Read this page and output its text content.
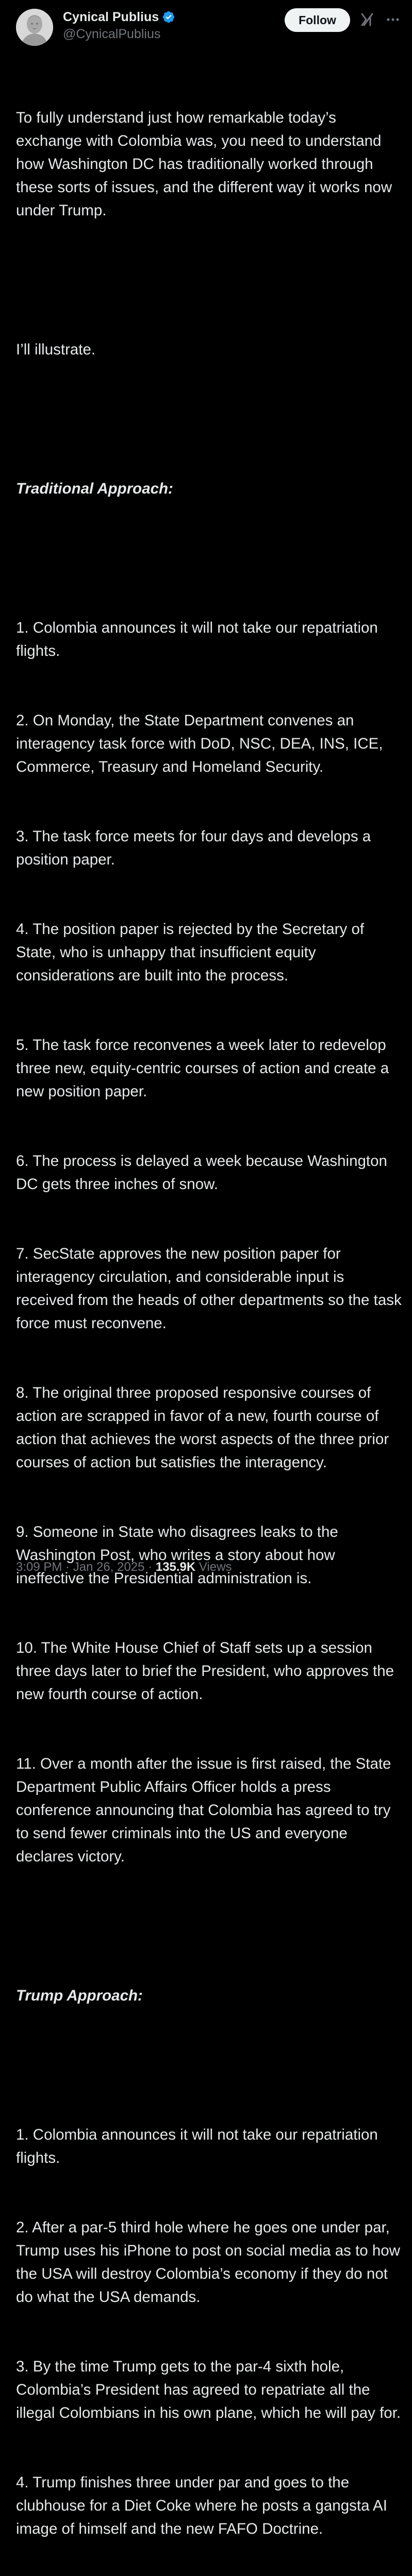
Cynical Publius
@CynicalPublius
Follow

To fully understand just how remarkable today’s exchange with Colombia was, you need to understand how Washington DC has traditionally worked through these sorts of issues, and the different way it works now under Trump.

I’ll illustrate.

Traditional Approach:

1. Colombia announces it will not take our repatriation flights.

2. On Monday, the State Department convenes an interagency task force with DoD, NSC, DEA, INS, ICE, Commerce, Treasury and Homeland Security.

3. The task force meets for four days and develops a position paper.

4. The position paper is rejected by the Secretary of State, who is unhappy that insufficient equity considerations are built into the process.

5. The task force reconvenes a week later to redevelop three new, equity-centric courses of action and create a new position paper.

6. The process is delayed a week because Washington DC gets three inches of snow.

7. SecState approves the new position paper for interagency circulation, and considerable input is received from the heads of other departments so the task force must reconvene.

8. The original three proposed responsive courses of action are scrapped in favor of a new, fourth course of action that achieves the worst aspects of the three prior courses of action but satisfies the interagency.

9. Someone in State who disagrees leaks to the Washington Post, who writes a story about how ineffective the Presidential administration is.

10. The White House Chief of Staff sets up a session three days later to brief the President, who approves the new fourth course of action.

11. Over a month after the issue is first raised, the State Department Public Affairs Officer holds a press conference announcing that Colombia has agreed to try to send fewer criminals into the US and everyone declares victory.

Trump Approach:

1. Colombia announces it will not take our repatriation flights.

2. After a par-5 third hole where he goes one under par, Trump uses his iPhone to post on social media as to how the USA will destroy Colombia’s economy if they do not do what the USA demands.

3. By the time Trump gets to the par-4 sixth hole, Colombia’s President has agreed to repatriate all the illegal Colombians in his own plane, which he will pay for.

4. Trump finishes three under par and goes to the clubhouse for a Diet Coke where he posts a gangsta AI image of himself and the new FAFO Doctrine.

3:09 PM · Jan 26, 2025 · 135.9K Views
